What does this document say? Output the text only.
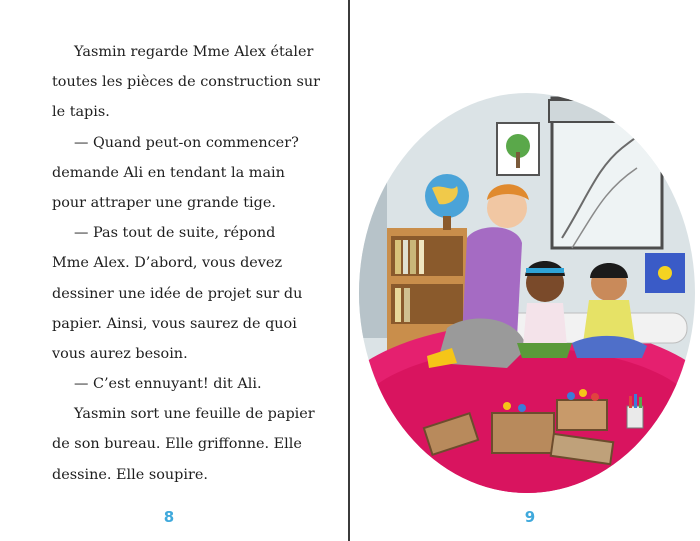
Yasmin regarde Mme Alex étaler
toutes les pièces de construction sur
le tapis.
— Quand peut-on commencer?
demande Ali en tendant la main
pour attraper une grande tige.
— Pas tout de suite, répond
Mme Alex. D’abord, vous devez
dessiner une idée de projet sur du
papier. Ainsi, vous saurez de quoi
vous aurez besoin.
— C’est ennuyant! dit Ali.
Yasmin sort une feuille de papier
de son bureau. Elle griffonne. Elle
dessine. Elle soupire.
8	9
